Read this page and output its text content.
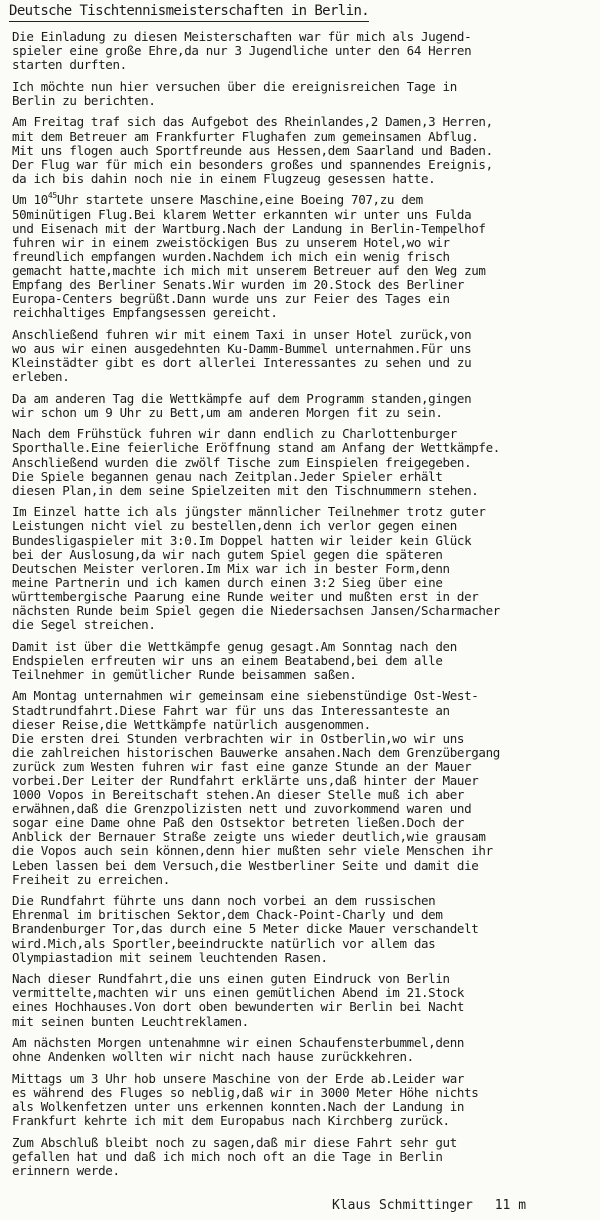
Deutsche Tischtennismeisterschaften in Berlin.
Die Einladung zu diesen Meisterschaften war für mich als Jugend-
spieler eine große Ehre,da nur 3 Jugendliche unter den 64 Herren
starten durften.
Ich möchte nun hier versuchen über die ereignisreichen Tage in
Berlin zu berichten.
Am Freitag traf sich das Aufgebot des Rheinlandes,2 Damen,3 Herren,
mit dem Betreuer am Frankfurter Flughafen zum gemeinsamen Abflug.
Mit uns flogen auch Sportfreunde aus Hessen,dem Saarland und Baden.
Der Flug war für mich ein besonders großes und spannendes Ereignis,
da ich bis dahin noch nie in einem Flugzeug gesessen hatte.
Um $10^{45}Uhr$ startete unsere Maschine,eine Boeing 707,zu dem
50minütigen Flug.Bei klarem Wetter erkannten wir unter uns Fulda
und Eisenach mit der Wartburg.Nach der Landung in Berlin-Tempelhof
fuhren wir in einem zweistöckigen Bus zu unserem Hotel,wo wir
freundlich empfangen wurden.Nachdem ich mich ein wenig frisch
gemacht hatte,machte ich mich mit unserem Betreuer auf den Weg zum
Empfang des Berliner Senats.Wir wurden im 20.Stock des Berliner
Europa-Centers begrüßt.Dann wurde uns zur Feier des Tages ein
reichhaltiges Empfangsessen gereicht.
Anschließend fuhren wir mit einem Taxi in unser Hotel zurück,von
wo aus wir einen ausgedehnten Ku-Damm-Bummel unternahmen.Für uns
Kleinstädter gibt es dort allerlei Interessantes zu sehen und zu
erleben.
Da am anderen Tag die Wettkämpfe auf dem Programm standen,gingen
wir schon um 9 Uhr zu Bett,um am anderen Morgen fit zu sein.
Nach dem Frühstück fuhren wir dann endlich zu Charlottenburger
Sporthalle.Eine feierliche Eröffnung stand am Anfang der Wettkämpfe.
Anschließend wurden die zwölf Tische zum Einspielen freigegeben.
Die Spiele begannen genau nach Zeitplan.Jeder Spieler erhält
diesen Plan,in dem seine Spielzeiten mit den Tischnummern stehen.
Im Einzel hatte ich als jüngster männlicher Teilnehmer trotz guter
Leistungen nicht viel zu bestellen,denn ich verlor gegen einen
Bundesligaspieler mit 3:0.Im Doppel hatten wir leider kein Glück
bei der Auslosung,da wir nach gutem Spiel gegen die späteren
Deutschen Meister verloren.Im Mix war ich in bester Form,denn
meine Partnerin und ich kamen durch einen 3:2 Sieg über eine
württembergische Paarung eine Runde weiter und mußten erst in der
nächsten Runde beim Spiel gegen die Niedersachsen Jansen/Scharmacher
die Segel streichen.
Damit ist über die Wettkämpfe genug gesagt.Am Sonntag nach den
Endspielen erfreuten wir uns an einem Beatabend,bei dem alle
Teilnehmer in gemütlicher Runde beisammen saßen.
Am Montag unternahmen wir gemeinsam eine siebenstündige Ost-West-
Stadtrundfahrt.Diese Fahrt war für uns das Interessanteste an
dieser Reise,die Wettkämpfe natürlich ausgenommen.
Die ersten drei Stunden verbrachten wir in Ostberlin,wo wir uns
die zahlreichen historischen Bauwerke ansahen.Nach dem Grenzübergang
zurück zum Westen fuhren wir fast eine ganze Stunde an der Mauer
vorbei.Der Leiter der Rundfahrt erklärte uns,daß hinter der Mauer
1000 Vopos in Bereitschaft stehen.An dieser Stelle muß ich aber
erwähnen,daß die Grenzpolizisten nett und zuvorkommend waren und
sogar eine Dame ohne Paß den Ostsektor betreten ließen.Doch der
Anblick der Bernauer Straße zeigte uns wieder deutlich,wie grausam
die Vopos auch sein können,denn hier mußten sehr viele Menschen ihr
Leben lassen bei dem Versuch,die Westberliner Seite und damit die
Freiheit zu erreichen.
Die Rundfahrt führte uns dann noch vorbei an dem russischen
Ehrenmal im britischen Sektor,dem Chack-Point-Charly und dem
Brandenburger Tor,das durch eine 5 Meter dicke Mauer verschandelt
wird.Mich,als Sportler,beeindruckte natürlich vor allem das
Olympiastadion mit seinem leuchtenden Rasen.
Nach dieser Rundfahrt,die uns einen guten Eindruck von Berlin
vermittelte,machten wir uns einen gemütlichen Abend im 21.Stock
eines Hochhauses.Von dort oben bewunderten wir Berlin bei Nacht
mit seinen bunten Leuchtreklamen.
Am nächsten Morgen untenahmne wir einen Schaufensterbummel,denn
ohne Andenken wollten wir nicht nach hause zurückkehren.
Mittags um 3 Uhr hob unsere Maschine von der Erde ab.Leider war
es während des Fluges so neblig,daß wir in 3000 Meter Höhe nichts
als Wolkenfetzen unter uns erkennen konnten.Nach der Landung in
Frankfurt kehrte ich mit dem Europabus nach Kirchberg zurück.
Zum Abschluß bleibt noch zu sagen,daß mir diese Fahrt sehr gut
gefallen hat und daß ich mich noch oft an die Tage in Berlin
erinnern werde.
Klaus Schmittinger 11 m
